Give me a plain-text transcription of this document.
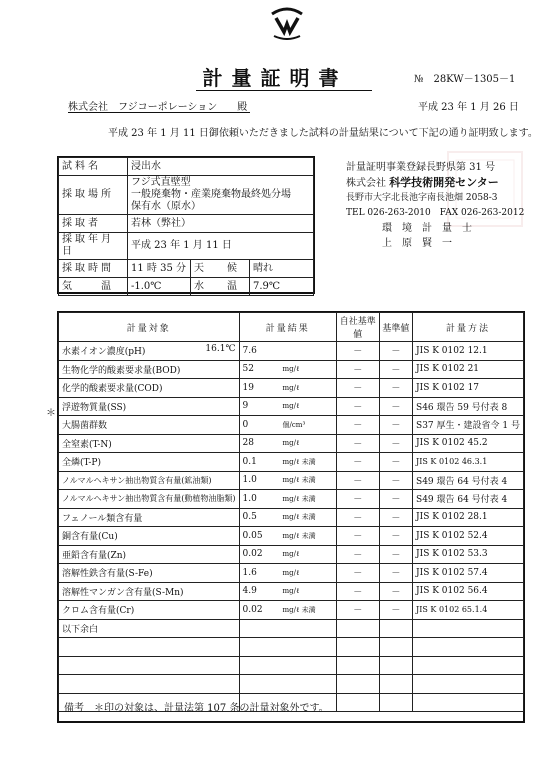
計量証明書	№　28KW－1305－1
株式会社　フジコーポレーション　　殿	平成 23 年 1 月 26 日
平成 23 年 1 月 11 日御依頼いただきました試料の計量結果について下記の通り証明致します。
試料名	浸出水		
採取場所	フジ式直壁型
一般廃棄物・産業廃棄物最終処分場
保有水（原水）		
採取者	若林（弊社）		
採取年月日	平成 23 年 1 月 11 日		
採取時間	11 時 35 分	天　　候	晴れ
気　　温	-1.0℃	水　　温	7.9℃
計量証明事業登録長野県第 31 号
株式会社 科学技術開発センター
長野市大字北長池字南長池畑 2058-3
TEL 026-263-2010　FAX 026-263-2012
環　境　計　量　士
上　原　賢　一
＊
計量対象	計量結果	自社基準値	基準値	計量方法
水素イオン濃度(pH) 16.1℃	7.6	－	－	JIS K 0102 12.1
生物化学的酸素要求量(BOD)	52 mg/ℓ	－	－	JIS K 0102 21
化学的酸素要求量(COD)	19 mg/ℓ	－	－	JIS K 0102 17
浮遊物質量(SS)	9 mg/ℓ	－	－	S46 環告 59 号付表 8
大腸菌群数	0 個/cm³	－	－	S37 厚生・建設省令 1 号
全窒素(T-N)	28 mg/ℓ	－	－	JIS K 0102 45.2
全燐(T-P)	0.1 mg/ℓ 未満	－	－	JIS K 0102 46.3.1
ノルマルヘキサン抽出物質含有量(鉱油類)	1.0 mg/ℓ 未満	－	－	S49 環告 64 号付表 4
ノルマルヘキサン抽出物質含有量(動植物油脂類)	1.0 mg/ℓ 未満	－	－	S49 環告 64 号付表 4
フェノール類含有量	0.5 mg/ℓ 未満	－	－	JIS K 0102 28.1
銅含有量(Cu)	0.05 mg/ℓ 未満	－	－	JIS K 0102 52.4
亜鉛含有量(Zn)	0.02 mg/ℓ	－	－	JIS K 0102 53.3
溶解性鉄含有量(S-Fe)	1.6 mg/ℓ	－	－	JIS K 0102 57.4
溶解性マンガン含有量(S-Mn)	4.9 mg/ℓ	－	－	JIS K 0102 56.4
クロム含有量(Cr)	0.02 mg/ℓ 未満	－	－	JIS K 0102 65.1.4
以下余白				

備考　＊印の対象は、計量法第 107 条の計量対象外です。
